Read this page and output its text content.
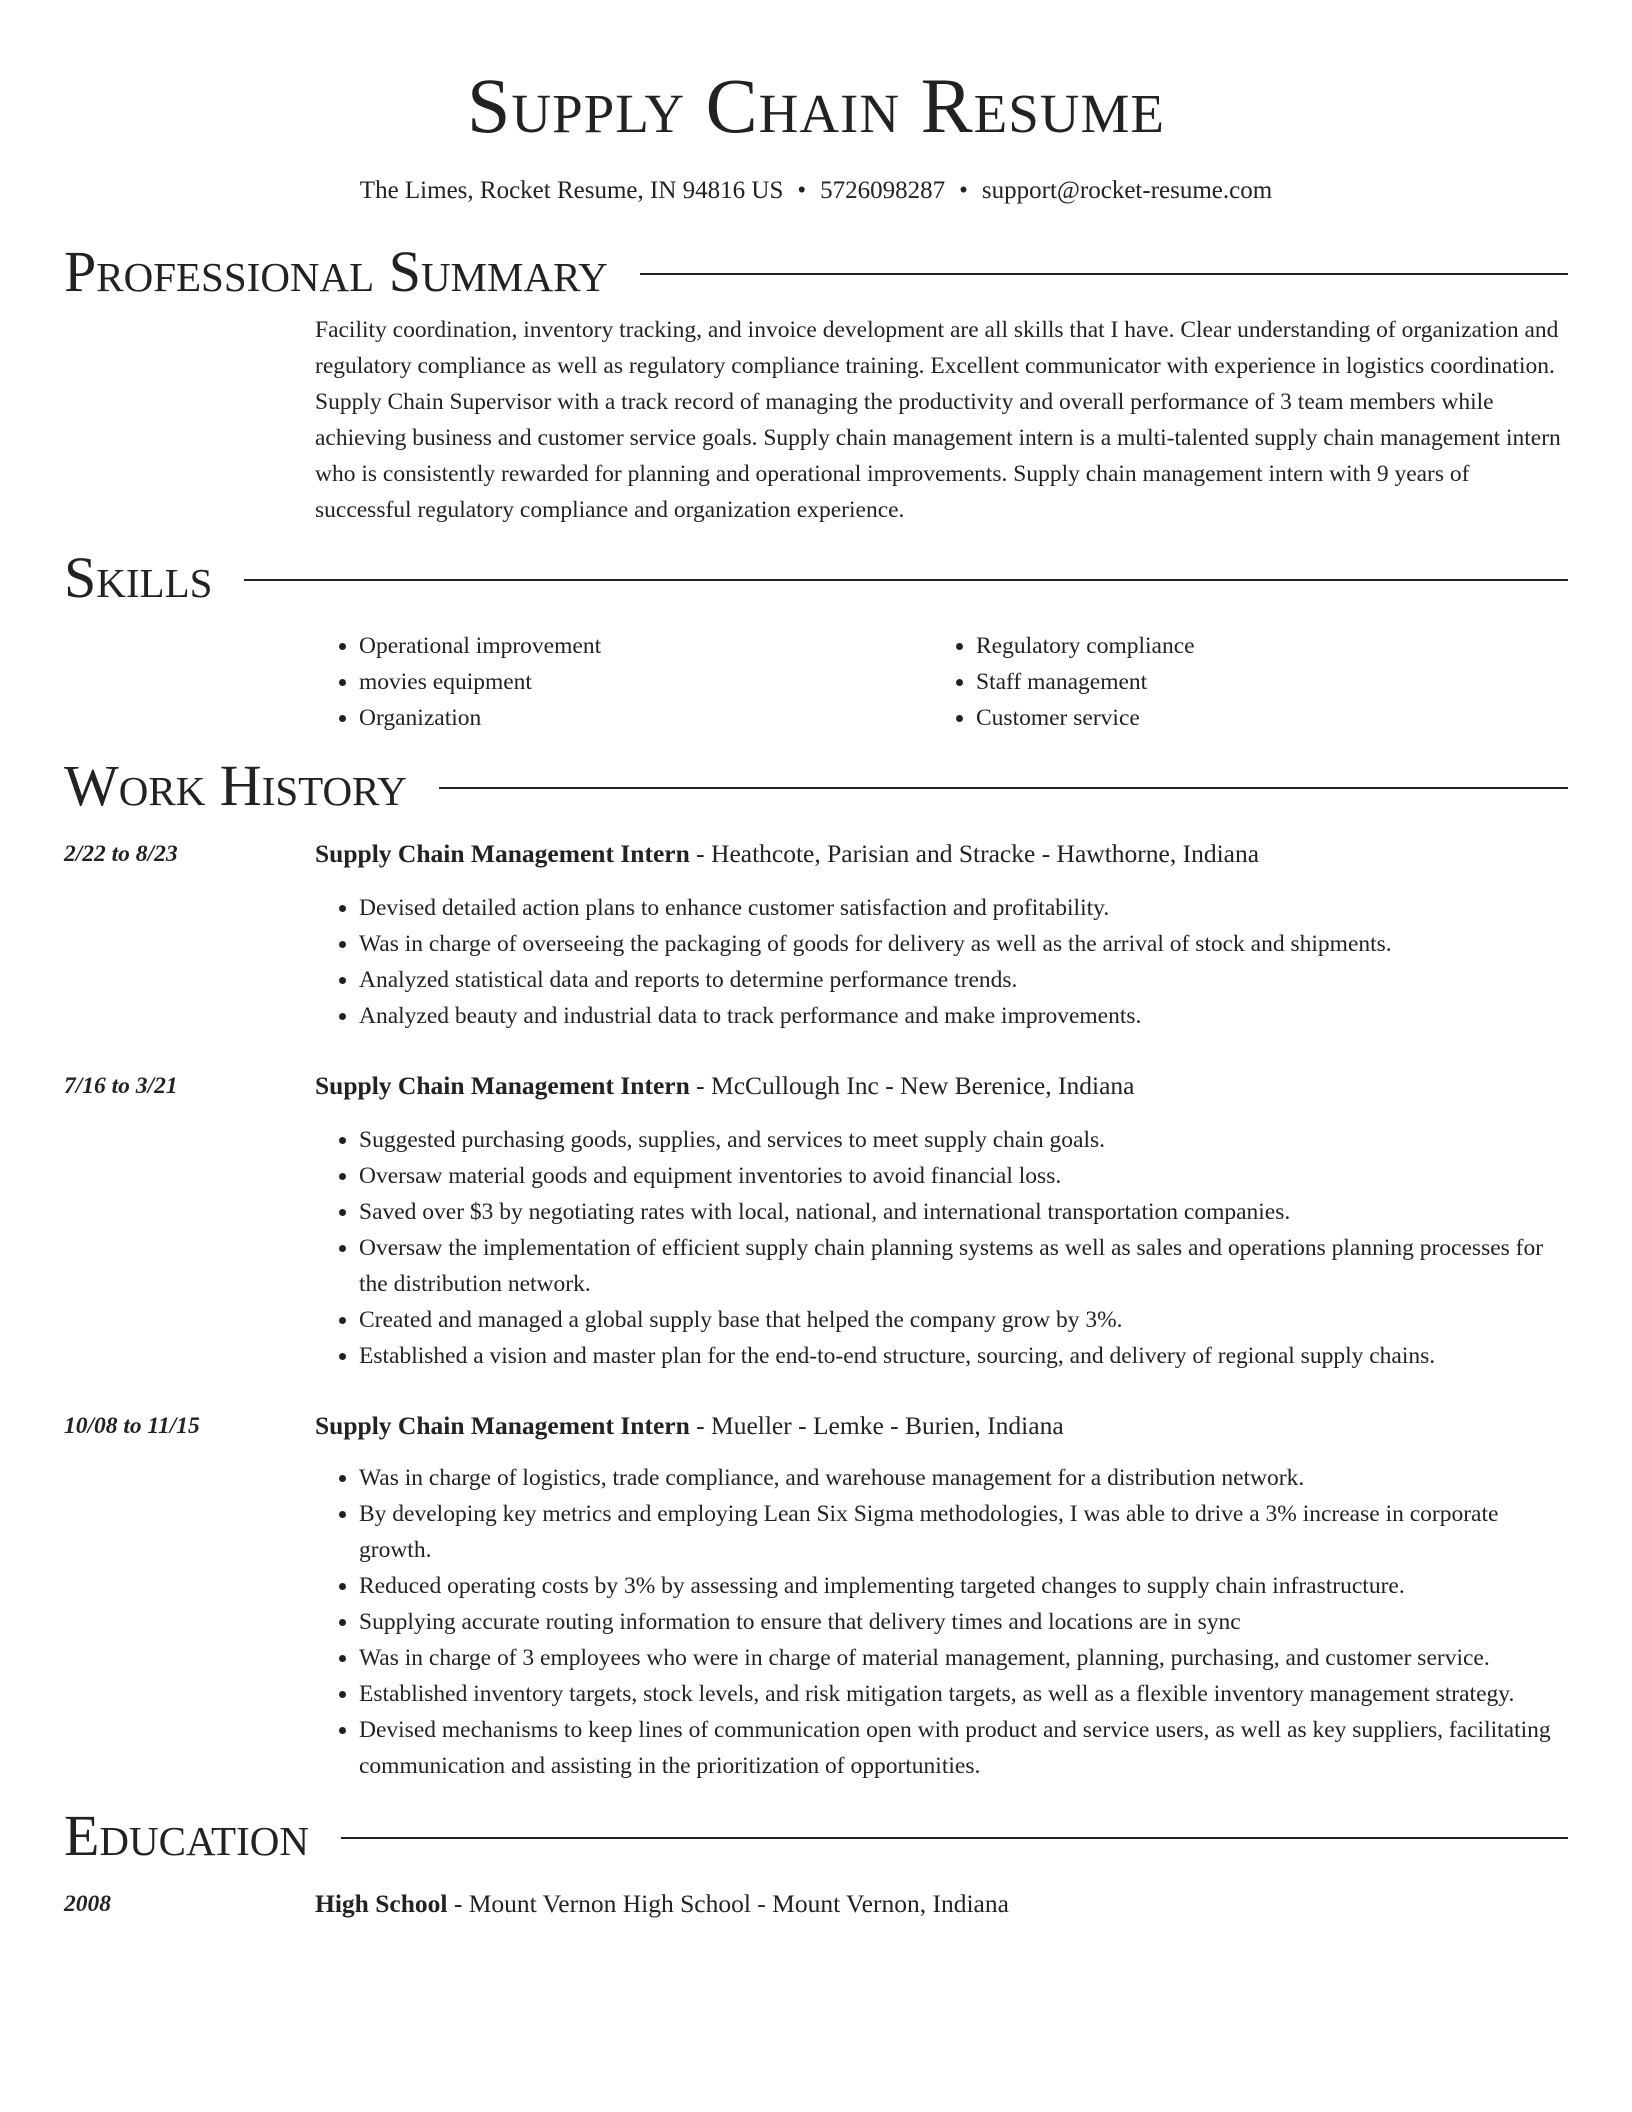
Supply Chain Resume
The Limes, Rocket Resume, IN 94816 US • 5726098287 • support@rocket-resume.com
Professional Summary

Facility coordination, inventory tracking, and invoice development are all skills that I have. Clear understanding of organization and regulatory compliance as well as regulatory compliance training. Excellent communicator with experience in logistics coordination. Supply Chain Supervisor with a track record of managing the productivity and overall performance of 3 team members while achieving business and customer service goals. Supply chain management intern is a multi-talented supply chain management intern who is consistently rewarded for planning and operational improvements. Supply chain management intern with 9 years of successful regulatory compliance and organization experience.

Skills
• Operational improvement
• movies equipment
• Organization
• Regulatory compliance
• Staff management
• Customer service
Work History
2/22 to 8/23	Supply Chain Management Intern - Heathcote, Parisian and Stracke - Hawthorne, Indiana
• Devised detailed action plans to enhance customer satisfaction and profitability.
• Was in charge of overseeing the packaging of goods for delivery as well as the arrival of stock and shipments.
• Analyzed statistical data and reports to determine performance trends.
• Analyzed beauty and industrial data to track performance and make improvements.
7/16 to 3/21	Supply Chain Management Intern - McCullough Inc - New Berenice, Indiana
• Suggested purchasing goods, supplies, and services to meet supply chain goals.
• Oversaw material goods and equipment inventories to avoid financial loss.
• Saved over $3 by negotiating rates with local, national, and international transportation companies.
• Oversaw the implementation of efficient supply chain planning systems as well as sales and operations planning processes for the distribution network.
• Created and managed a global supply base that helped the company grow by 3%.
• Established a vision and master plan for the end-to-end structure, sourcing, and delivery of regional supply chains.
10/08 to 11/15	Supply Chain Management Intern - Mueller - Lemke - Burien, Indiana
• Was in charge of logistics, trade compliance, and warehouse management for a distribution network.
• By developing key metrics and employing Lean Six Sigma methodologies, I was able to drive a 3% increase in corporate growth.
• Reduced operating costs by 3% by assessing and implementing targeted changes to supply chain infrastructure.
• Supplying accurate routing information to ensure that delivery times and locations are in sync
• Was in charge of 3 employees who were in charge of material management, planning, purchasing, and customer service.
• Established inventory targets, stock levels, and risk mitigation targets, as well as a flexible inventory management strategy.
• Devised mechanisms to keep lines of communication open with product and service users, as well as key suppliers, facilitating communication and assisting in the prioritization of opportunities.
Education
2008	High School - Mount Vernon High School - Mount Vernon, Indiana
